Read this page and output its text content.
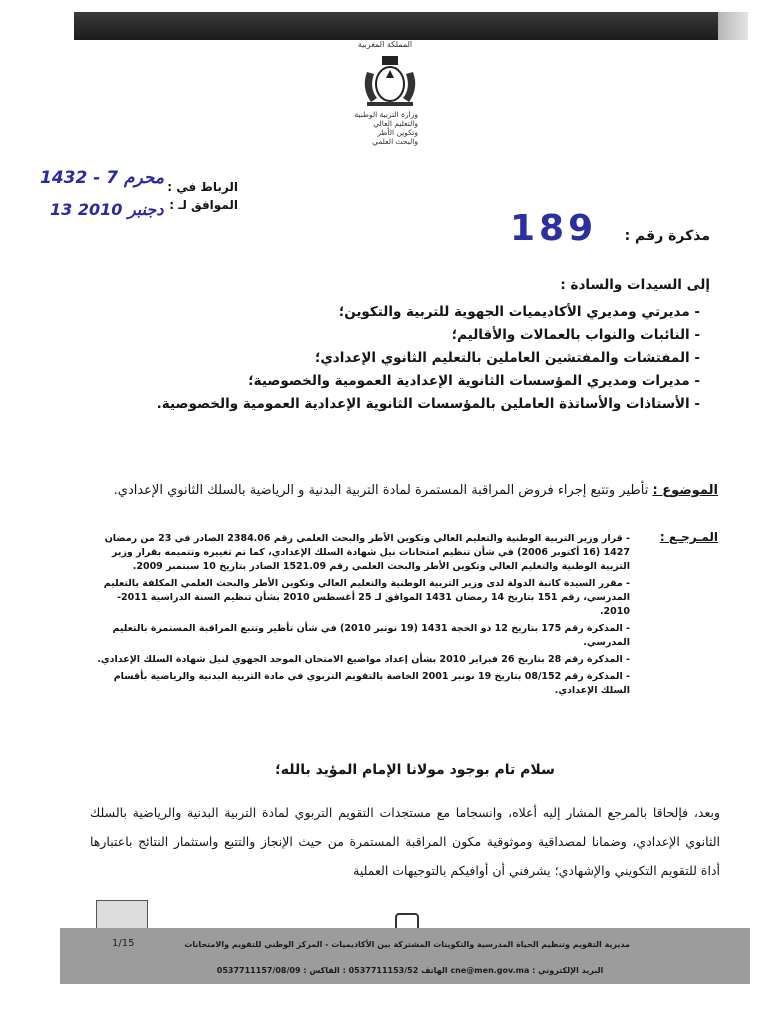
المملكة المغربية
وزارة التربية الوطنية
والتعليم العالي
وتكوين الأطر
والبحث العلمي
الرباط في :
الموافق لـ :
1432 - 7 محرم
13 دجنبر 2010
مذكرة رقم :
189
إلى السيدات والسادة :
- مديرتي ومديري الأكاديميات الجهوية للتربية والتكوين؛
- النائبات والنواب بالعمالات والأقاليم؛
- المفتشات والمفتشين العاملين بالتعليم الثانوي الإعدادي؛
- مديرات ومديري المؤسسات الثانوية الإعدادية العمومية والخصوصية؛
- الأستاذات والأساتذة العاملين بالمؤسسات الثانوية الإعدادية العمومية والخصوصية.
الموضوع : تأطير وتتبع إجراء فروض المراقبة المستمرة لمادة التربية البدنية و الرياضية بالسلك الثانوي الإعدادي.
المـرجـع :
- قرار وزير التربية الوطنية والتعليم العالي وتكوين الأطر والبحث العلمي رقم 2384.06 الصادر في 23 من رمضان 1427 (16 أكتوبر 2006) في شأن تنظيم امتحانات نيل شهادة السلك الإعدادي، كما تم تغييره وتتميمه بقرار وزير التربية الوطنية والتعليم العالي وتكوين الأطر والبحث العلمي رقم 1521.09 الصادر بتاريخ 10 سبتمبر 2009.
- مقرر السيدة كاتبة الدولة لدى وزير التربية الوطنية والتعليم العالي وتكوين الأطر والبحث العلمي المكلفة بالتعليم المدرسي، رقم 151 بتاريخ 14 رمضان 1431 الموافق لـ 25 أغسطس 2010 بشأن تنظيم السنة الدراسية 2011-2010.
- المذكرة رقم 175 بتاريخ 12 ذو الحجة 1431 (19 نونبر 2010) في شأن تأطير وتتبع المراقبة المستمرة بالتعليم المدرسي.
- المذكرة رقم 28 بتاريخ 26 فبراير 2010 بشأن إعداد مواضيع الامتحان الموحد الجهوي لنيل شهادة السلك الإعدادي.
- المذكرة رقم 08/152 بتاريخ 19 نونبر 2001 الخاصة بالتقويم التربوي في مادة التربية البدنية والرياضية بأقسام السلك الإعدادي.
سلام تام بوجود مولانا الإمام المؤيد بالله؛
وبعد، فإلحاقا بالمرجع المشار إليه أعلاه، وانسجاما مع مستجدات التقويم التربوي لمادة التربية البدنية والرياضية بالسلك الثانوي الإعدادي، وضمانا لمصداقية وموثوقية مكون المراقبة المستمرة من حيث الإنجاز والتتبع واستثمار النتائج باعتبارها أداة للتقويم التكويني والإشهادي؛ يشرفني أن أوافيكم بالتوجيهات العملية
1/15	مديرية التقويم وتنظيم الحياة المدرسية والتكوينات المشتركة بين الأكاديميات - المركز الوطني للتقويم والامتحانات
0537711157/08/09 : الهاتف 0537711153/52 : الفاكس cne@men.gov.ma : البريد الإلكتروني
